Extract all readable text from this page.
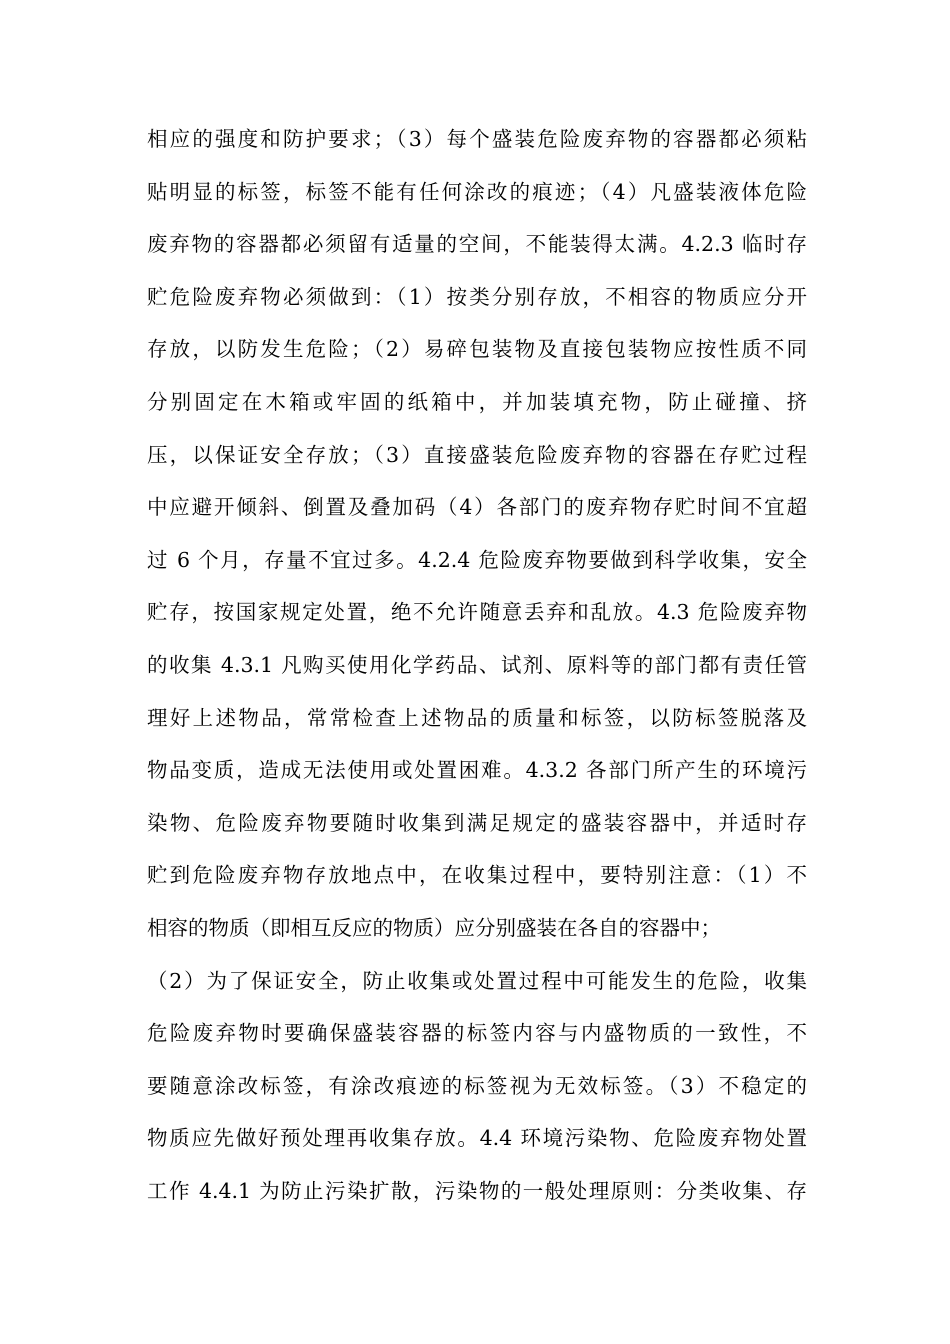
相应的强度和防护要求；（3）每个盛装危险废弃物的容器都必须粘
贴明显的标签，标签不能有任何涂改的痕迹；（4）凡盛装液体危险
废弃物的容器都必须留有适量的空间，不能装得太满。4.2.3 临时存
贮危险废弃物必须做到：（1）按类分别存放，不相容的物质应分开
存放，以防发生危险；（2）易碎包装物及直接包装物应按性质不同
分别固定在木箱或牢固的纸箱中，并加装填充物，防止碰撞、挤
压，以保证安全存放；（3）直接盛装危险废弃物的容器在存贮过程
中应避开倾斜、倒置及叠加码（4）各部门的废弃物存贮时间不宜超
过 6 个月，存量不宜过多。4.2.4 危险废弃物要做到科学收集，安全
贮存，按国家规定处置，绝不允许随意丢弃和乱放。4.3 危险废弃物
的收集 4.3.1 凡购买使用化学药品、试剂、原料等的部门都有责任管
理好上述物品，常常检查上述物品的质量和标签，以防标签脱落及
物品变质，造成无法使用或处置困难。4.3.2 各部门所产生的环境污
染物、危险废弃物要随时收集到满足规定的盛装容器中，并适时存
贮到危险废弃物存放地点中，在收集过程中，要特别注意：（1）不
相容的物质（即相互反应的物质）应分别盛装在各自的容器中；
（2）为了保证安全，防止收集或处置过程中可能发生的危险，收集
危险废弃物时要确保盛装容器的标签内容与内盛物质的一致性，不
要随意涂改标签，有涂改痕迹的标签视为无效标签。（3）不稳定的
物质应先做好预处理再收集存放。4.4 环境污染物、危险废弃物处置
工作 4.4.1 为防止污染扩散，污染物的一般处理原则：分类收集、存
